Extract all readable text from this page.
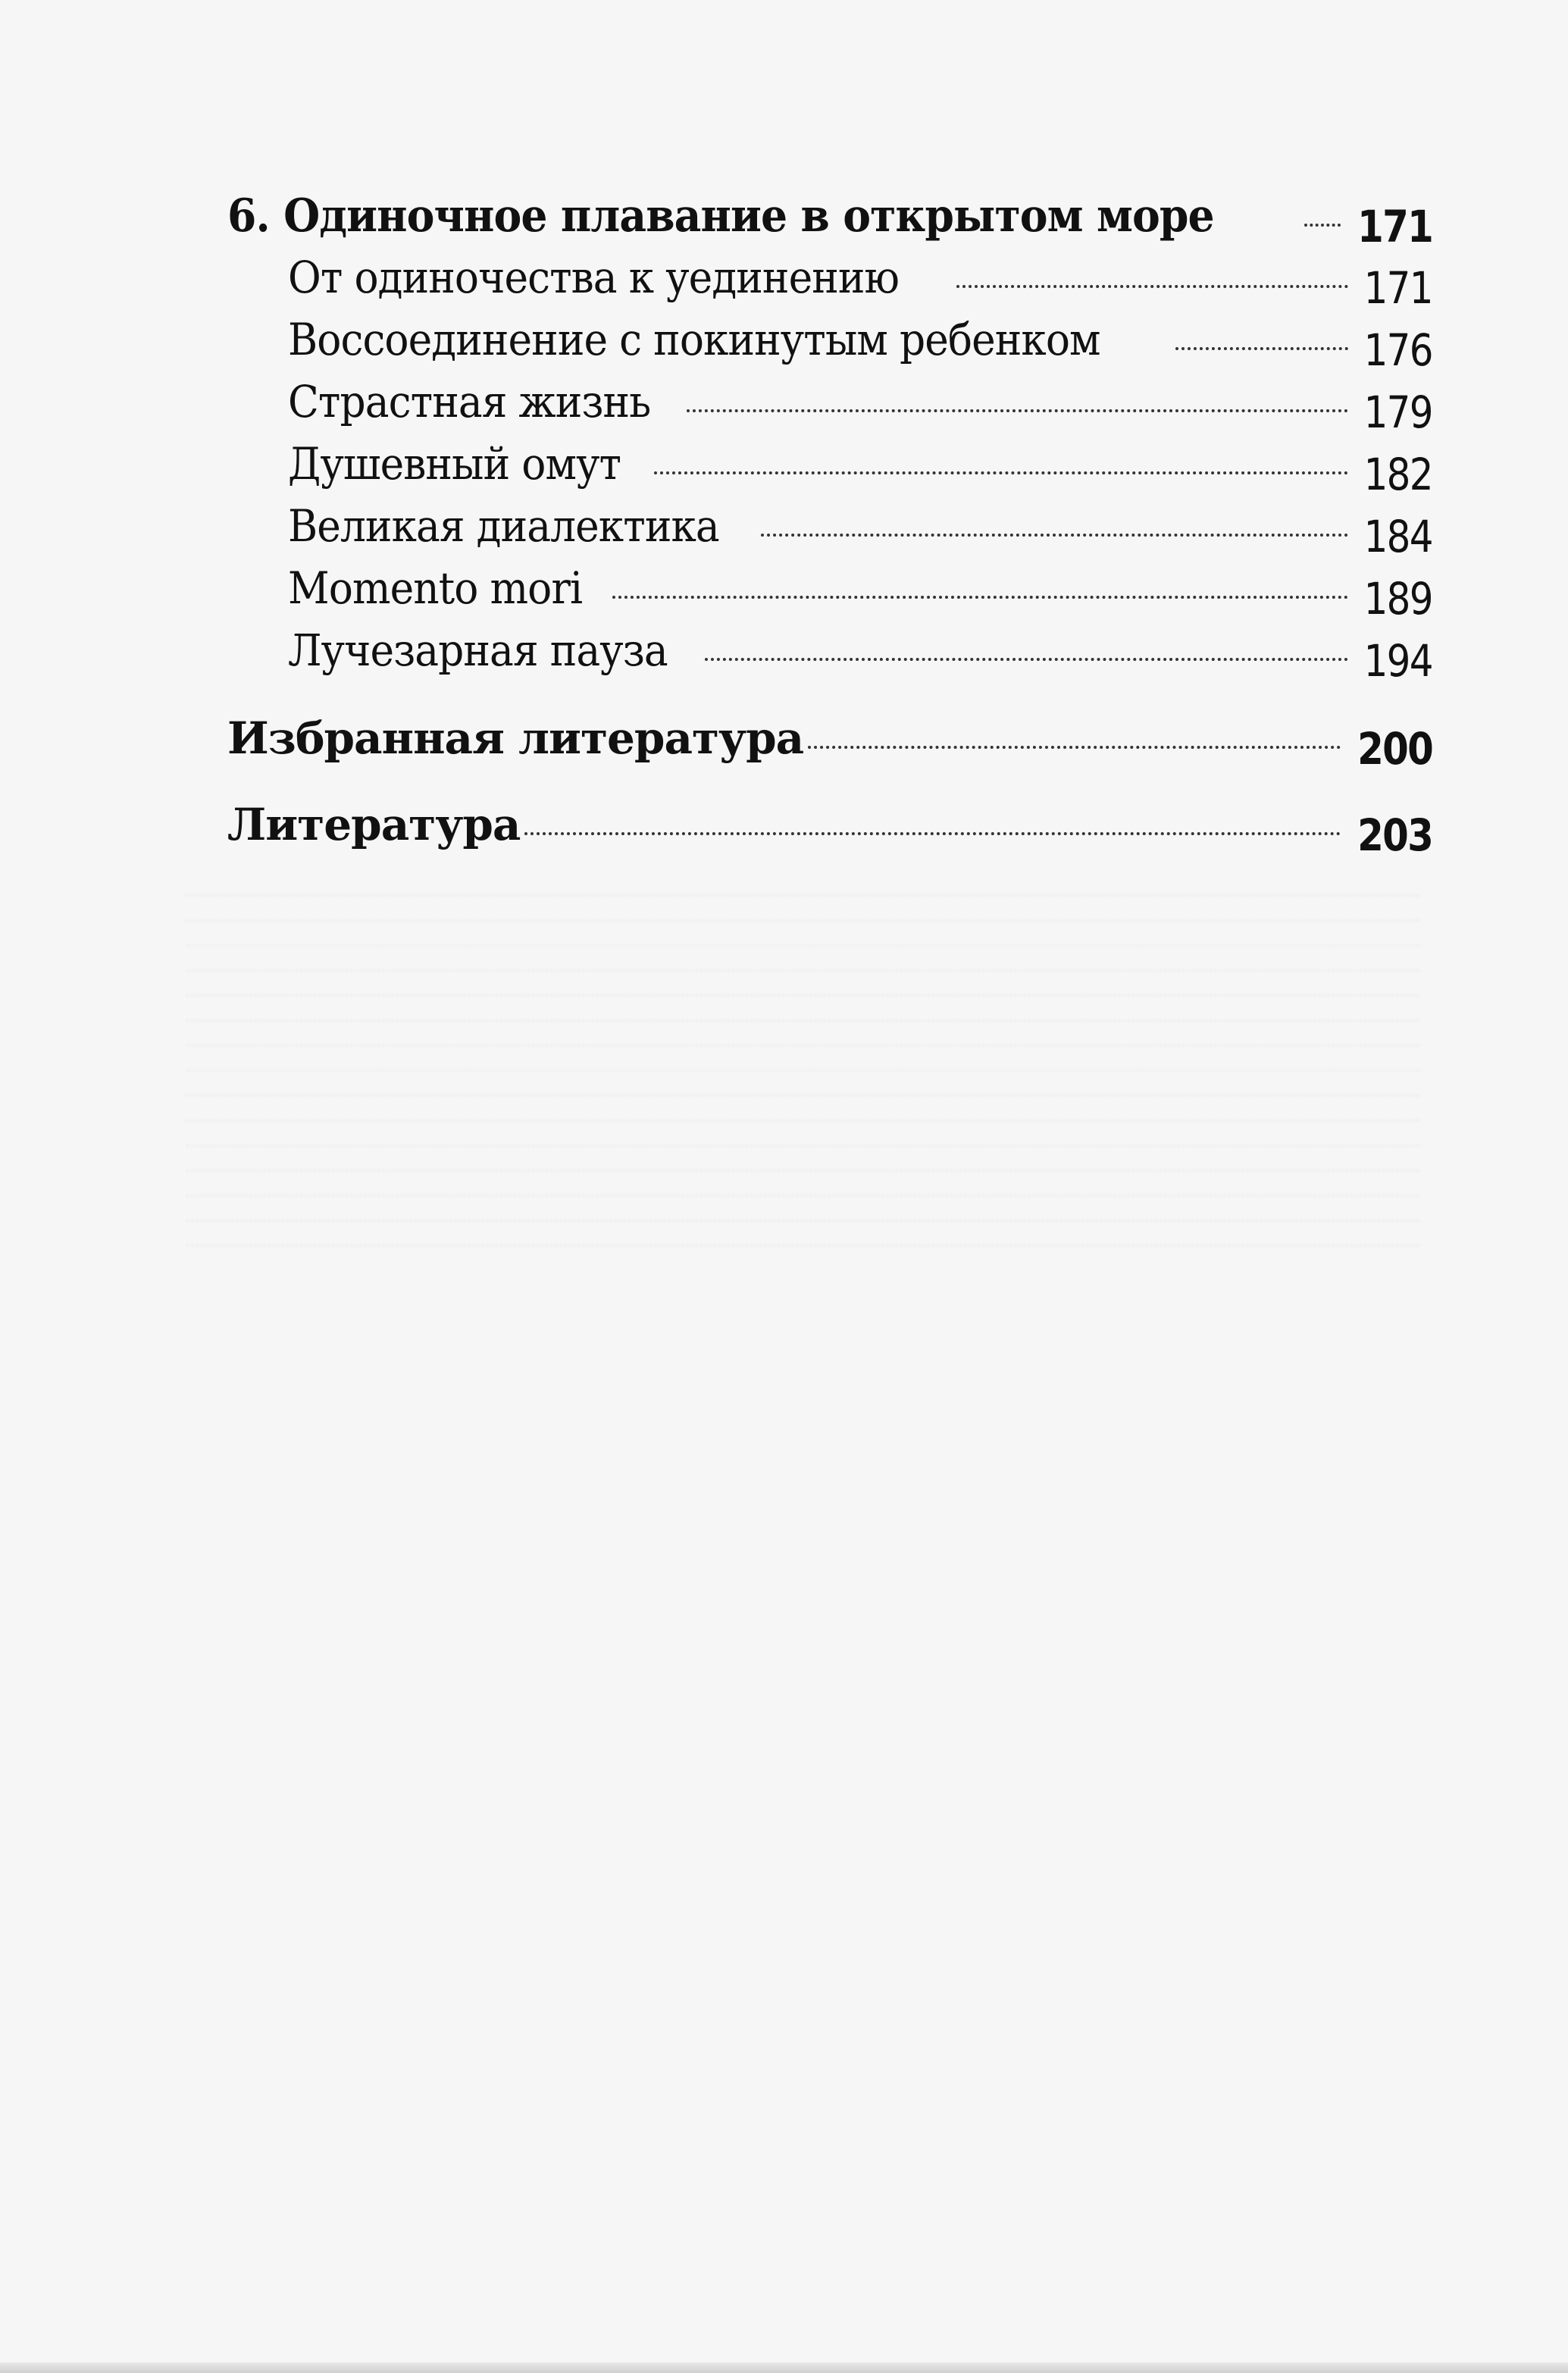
6. Одиночное плавание в открытом море	171
От одиночества к уединению	171
Воссоединение с покинутым ребенком	176
Страстная жизнь	179
Душевный омут	182
Великая диалектика	184
Momento mori	189
Лучезарная пауза	194
Избранная литература	200
Литература	203
